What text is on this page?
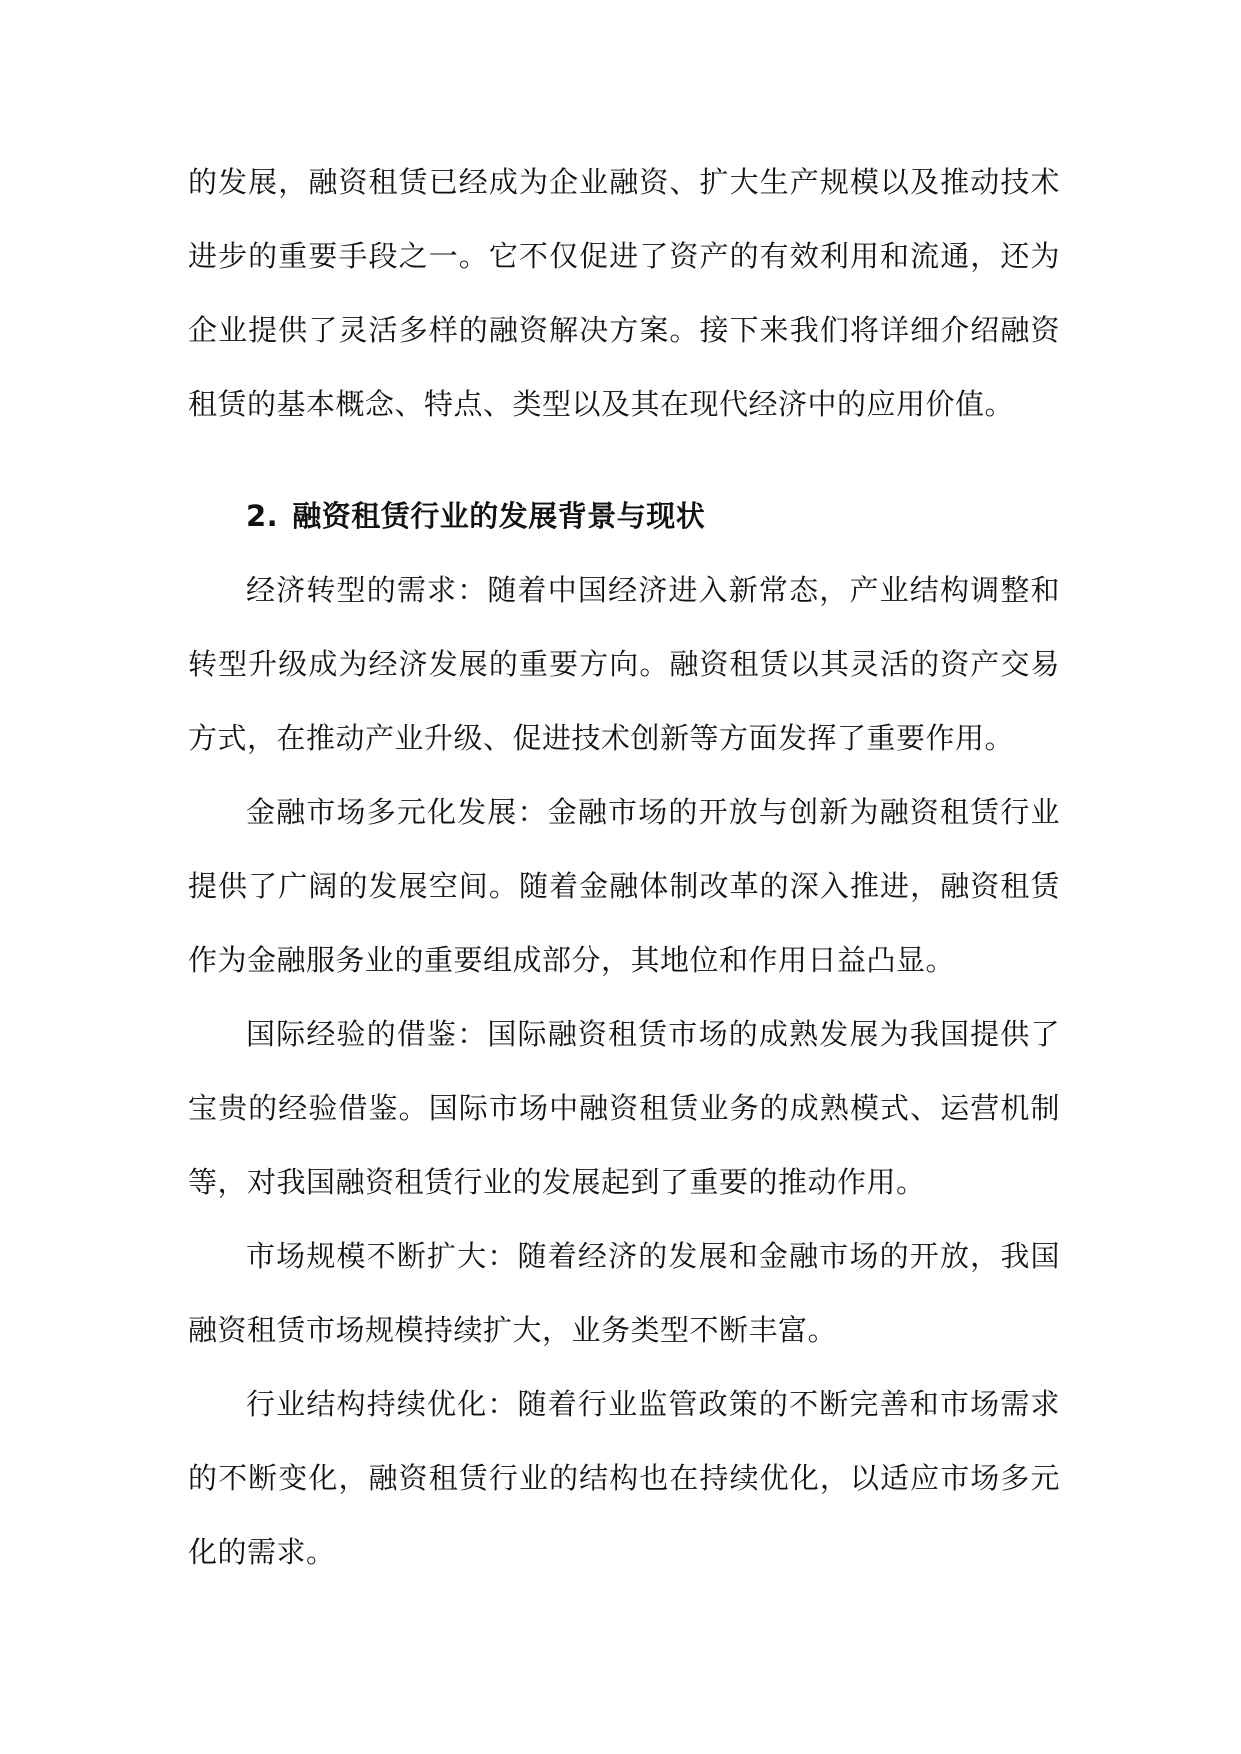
的发展，融资租赁已经成为企业融资、扩大生产规模以及推动技术进步的重要手段之一。它不仅促进了资产的有效利用和流通，还为企业提供了灵活多样的融资解决方案。接下来我们将详细介绍融资租赁的基本概念、特点、类型以及其在现代经济中的应用价值。

2. 融资租赁行业的发展背景与现状

经济转型的需求：随着中国经济进入新常态，产业结构调整和转型升级成为经济发展的重要方向。融资租赁以其灵活的资产交易方式，在推动产业升级、促进技术创新等方面发挥了重要作用。

金融市场多元化发展：金融市场的开放与创新为融资租赁行业提供了广阔的发展空间。随着金融体制改革的深入推进，融资租赁作为金融服务业的重要组成部分，其地位和作用日益凸显。

国际经验的借鉴：国际融资租赁市场的成熟发展为我国提供了宝贵的经验借鉴。国际市场中融资租赁业务的成熟模式、运营机制等，对我国融资租赁行业的发展起到了重要的推动作用。

市场规模不断扩大：随着经济的发展和金融市场的开放，我国融资租赁市场规模持续扩大，业务类型不断丰富。

行业结构持续优化：随着行业监管政策的不断完善和市场需求的不断变化，融资租赁行业的结构也在持续优化，以适应市场多元化的需求。
